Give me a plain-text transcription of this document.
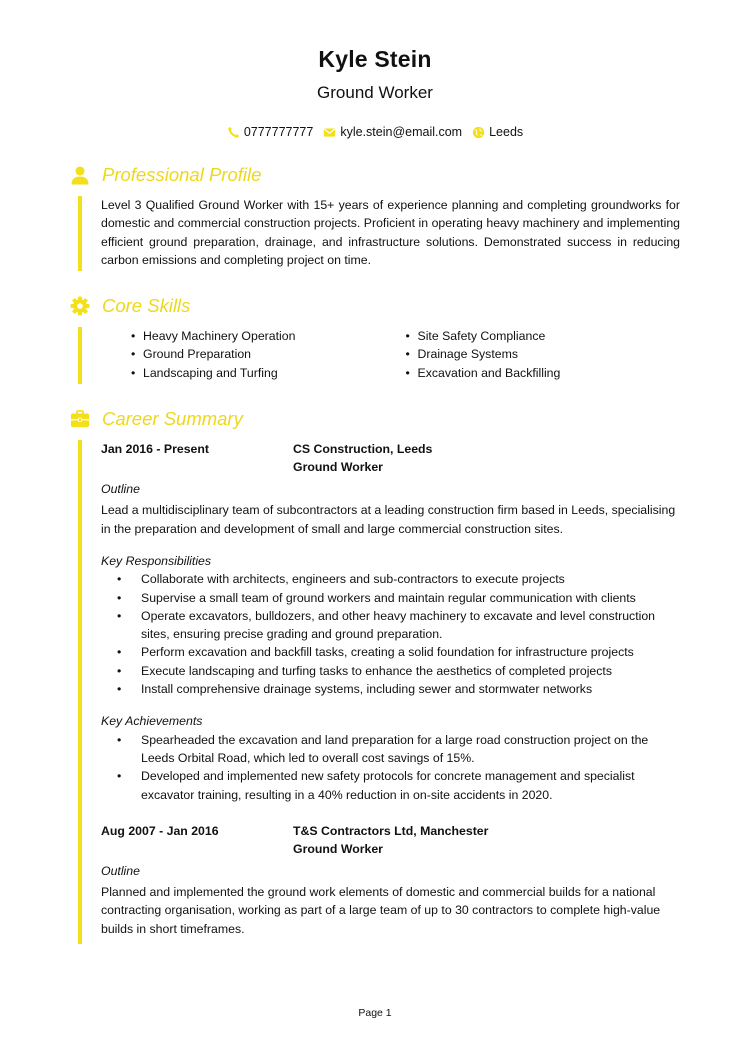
Kyle Stein
Ground Worker
0777777777 kyle.stein@email.com Leeds
Professional Profile
Level 3 Qualified Ground Worker with 15+ years of experience planning and completing groundworks for domestic and commercial construction projects. Proficient in operating heavy machinery and implementing efficient ground preparation, drainage, and infrastructure solutions. Demonstrated success in reducing carbon emissions and completing project on time.
Core Skills
• Heavy Machinery Operation
• Ground Preparation
• Landscaping and Turfing
• Site Safety Compliance
• Drainage Systems
• Excavation and Backfilling
Career Summary
Jan 2016 - Present	CS Construction, Leeds
Ground Worker
Outline
Lead a multidisciplinary team of subcontractors at a leading construction firm based in Leeds, specialising in the preparation and development of small and large commercial construction sites.
Key Responsibilities
• Collaborate with architects, engineers and sub-contractors to execute projects
• Supervise a small team of ground workers and maintain regular communication with clients
• Operate excavators, bulldozers, and other heavy machinery to excavate and level construction sites, ensuring precise grading and ground preparation.
• Perform excavation and backfill tasks, creating a solid foundation for infrastructure projects
• Execute landscaping and turfing tasks to enhance the aesthetics of completed projects
• Install comprehensive drainage systems, including sewer and stormwater networks
Key Achievements
• Spearheaded the excavation and land preparation for a large road construction project on the Leeds Orbital Road, which led to overall cost savings of 15%.
• Developed and implemented new safety protocols for concrete management and specialist excavator training, resulting in a 40% reduction in on-site accidents in 2020.
Aug 2007 - Jan 2016	T&S Contractors Ltd, Manchester
Ground Worker
Outline
Planned and implemented the ground work elements of domestic and commercial builds for a national contracting organisation, working as part of a large team of up to 30 contractors to complete high-value builds in short timeframes.
Page 1
